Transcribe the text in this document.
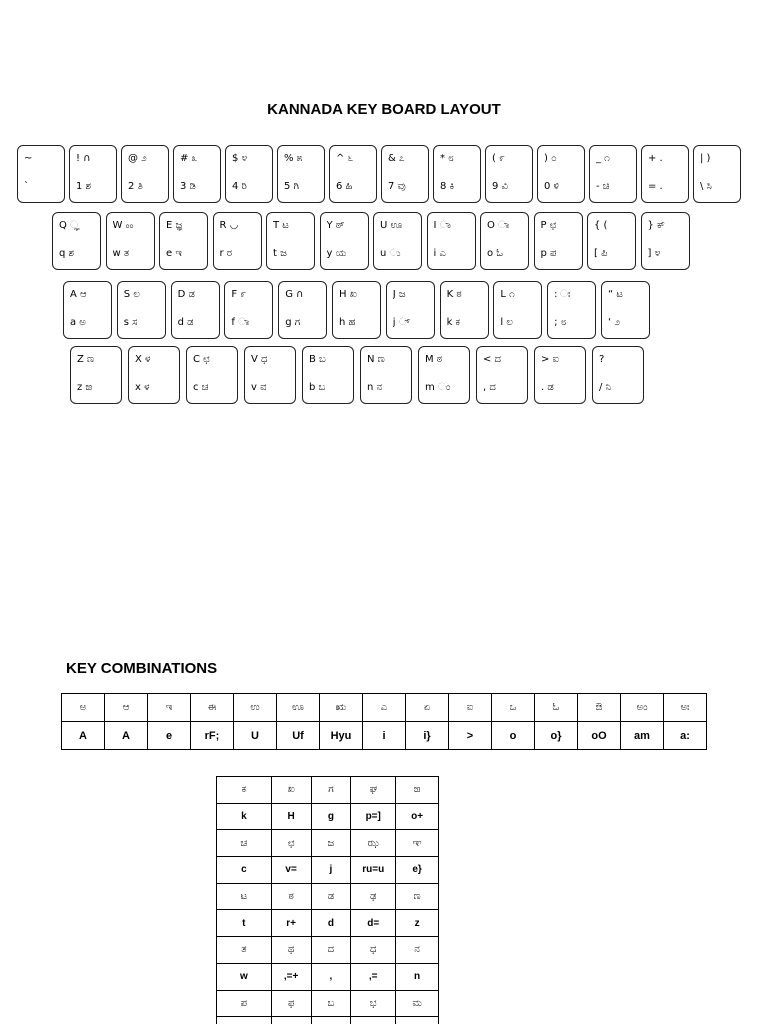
KANNADA KEY BOARD LAYOUT
~
`
! ∩
1 ಶ
@ ೨
2 ತಿ
# ೩
3 ಡಿ
$ ೪
4 ರಿ
% ೫
5 ಗಿ
^ ೬
6 ಹಿ
& ೭
7 ವು
* ೮
8 ಕಿ
( ೯
9 ವಿ
) ೦
0 ಳಿ
_ ೧
- ಚಿ
+ .
= .
| )
\ ಸಿ
Q ್ಞ
q ಶ
W ೲ
w ತ
E ಜ್ಞ
e ಇ
R ◡
r ರ
T ಟ
t ಜ
Y ಠ್
y ಯ
U ಊ
u ು
I ಾ
i ಎ
O ಾ
o ಓ
P ಛ
p ಪ
{ (
[ ಪಿ
} ಕ್
] ೪
A ಆ
a ಅ
S ಲ
s ಸ
D ಡ
d ಡ
F ೯
f ಾ
G ∩
g ಗ
H ಖ
h ಹ
J ಜ
j ್
K ಠ
k ಕ
L ೧
l ಲ
: ಃ
; ೮
“ ಟ
‘ ೨
Z ಣ
z ಙ
X ಳ
x ಳ
C ಛ
c ಚ
V ಧ
v ವ
B ಬ
b ಬ
N ಣ
n ನ
M ಠ
m ಂ
< ದ
, ದ
> ಐ
. ಡ
?
/ ನಿ
KEY COMBINATIONS
ಅ	ಆ	ಇ	ಈ	ಉ	ಊ	ಋ	ಎ	ಏ	ಐ	ಒ	ಓ	ಔ	ಅಂ	ಅಃ
A	A	e	rF;	U	Uf	Hyu	i	i}	>	o	o}	oO	am	a:
ಕ	ಖ	ಗ	ಘ	ಙ
k	H	g	p=]	o+
ಚ	ಛ	ಜ	ಝ	ಞ
c	v=	j	ru=u	e}
ಟ	ಠ	ಡ	ಢ	ಣ
t	r+	d	d=	z
ತ	ಥ	ದ	ಧ	ನ
w	,=+	,	,=	n
ಪ	ಫ	ಬ	ಭ	ಮ
